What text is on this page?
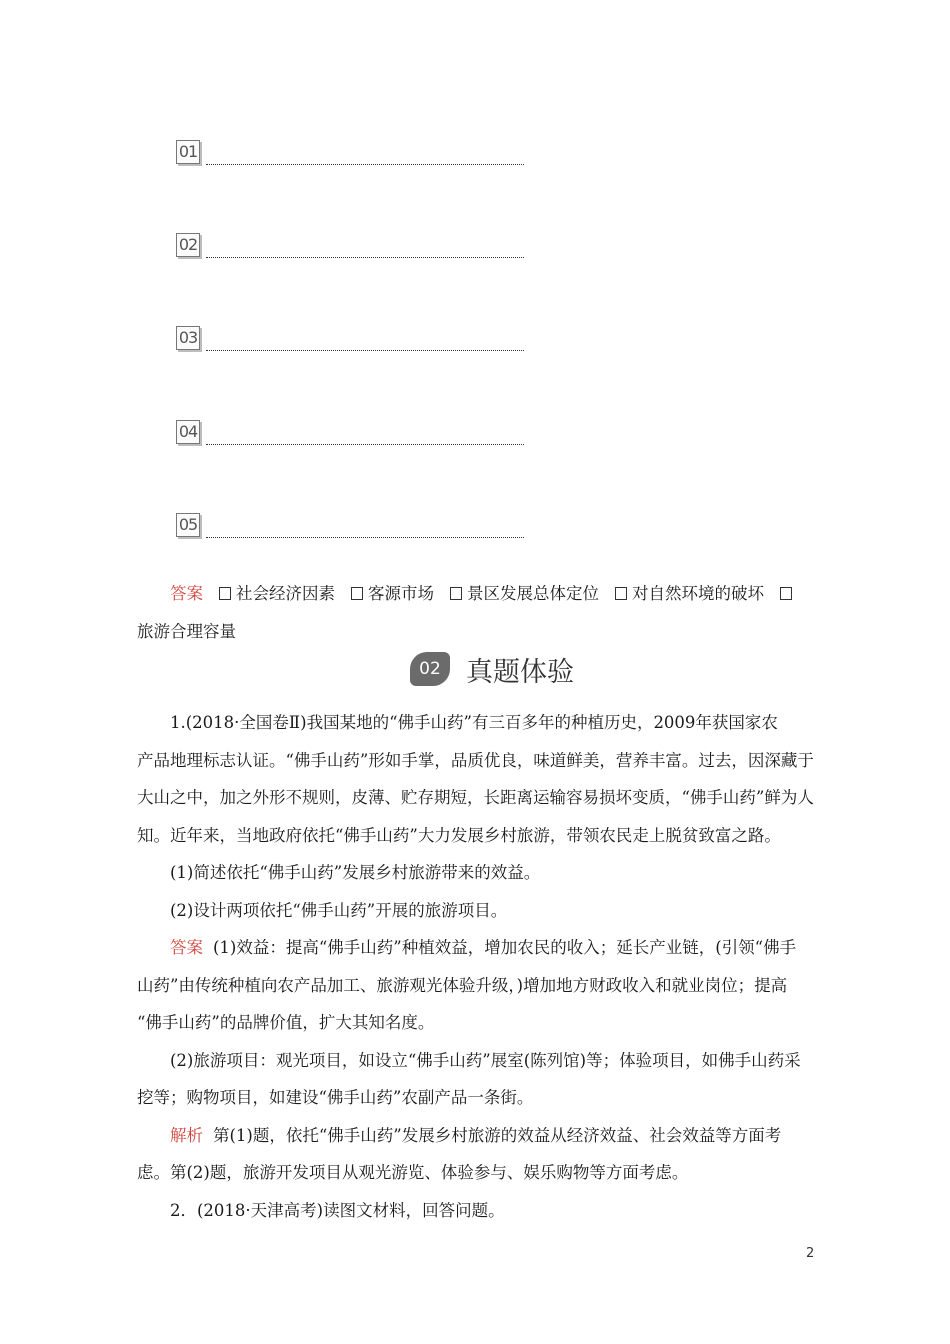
01
02
03
04
05
答案 社会经济因素 客源市场 景区发展总体定位 对自然环境的破坏
旅游合理容量
02 真题体验
1.(2018·全国卷Ⅱ)我国某地的“佛手山药”有三百多年的种植历史，2009年获国家农
产品地理标志认证。“佛手山药”形如手掌，品质优良，味道鲜美，营养丰富。过去，因深藏于
大山之中，加之外形不规则，皮薄、贮存期短，长距离运输容易损坏变质，“佛手山药”鲜为人
知。近年来，当地政府依托“佛手山药”大力发展乡村旅游，带领农民走上脱贫致富之路。
(1)简述依托“佛手山药”发展乡村旅游带来的效益。
(2)设计两项依托“佛手山药”开展的旅游项目。
答案 (1)效益：提高“佛手山药”种植效益，增加农民的收入；延长产业链，(引领“佛手
山药”由传统种植向农产品加工、旅游观光体验升级，)增加地方财政收入和就业岗位；提高
“佛手山药”的品牌价值，扩大其知名度。
(2)旅游项目：观光项目，如设立“佛手山药”展室(陈列馆)等；体验项目，如佛手山药采
挖等；购物项目，如建设“佛手山药”农副产品一条街。
解析 第(1)题，依托“佛手山药”发展乡村旅游的效益从经济效益、社会效益等方面考
虑。第(2)题，旅游开发项目从观光游览、体验参与、娱乐购物等方面考虑。
2．(2018·天津高考)读图文材料，回答问题。
2
